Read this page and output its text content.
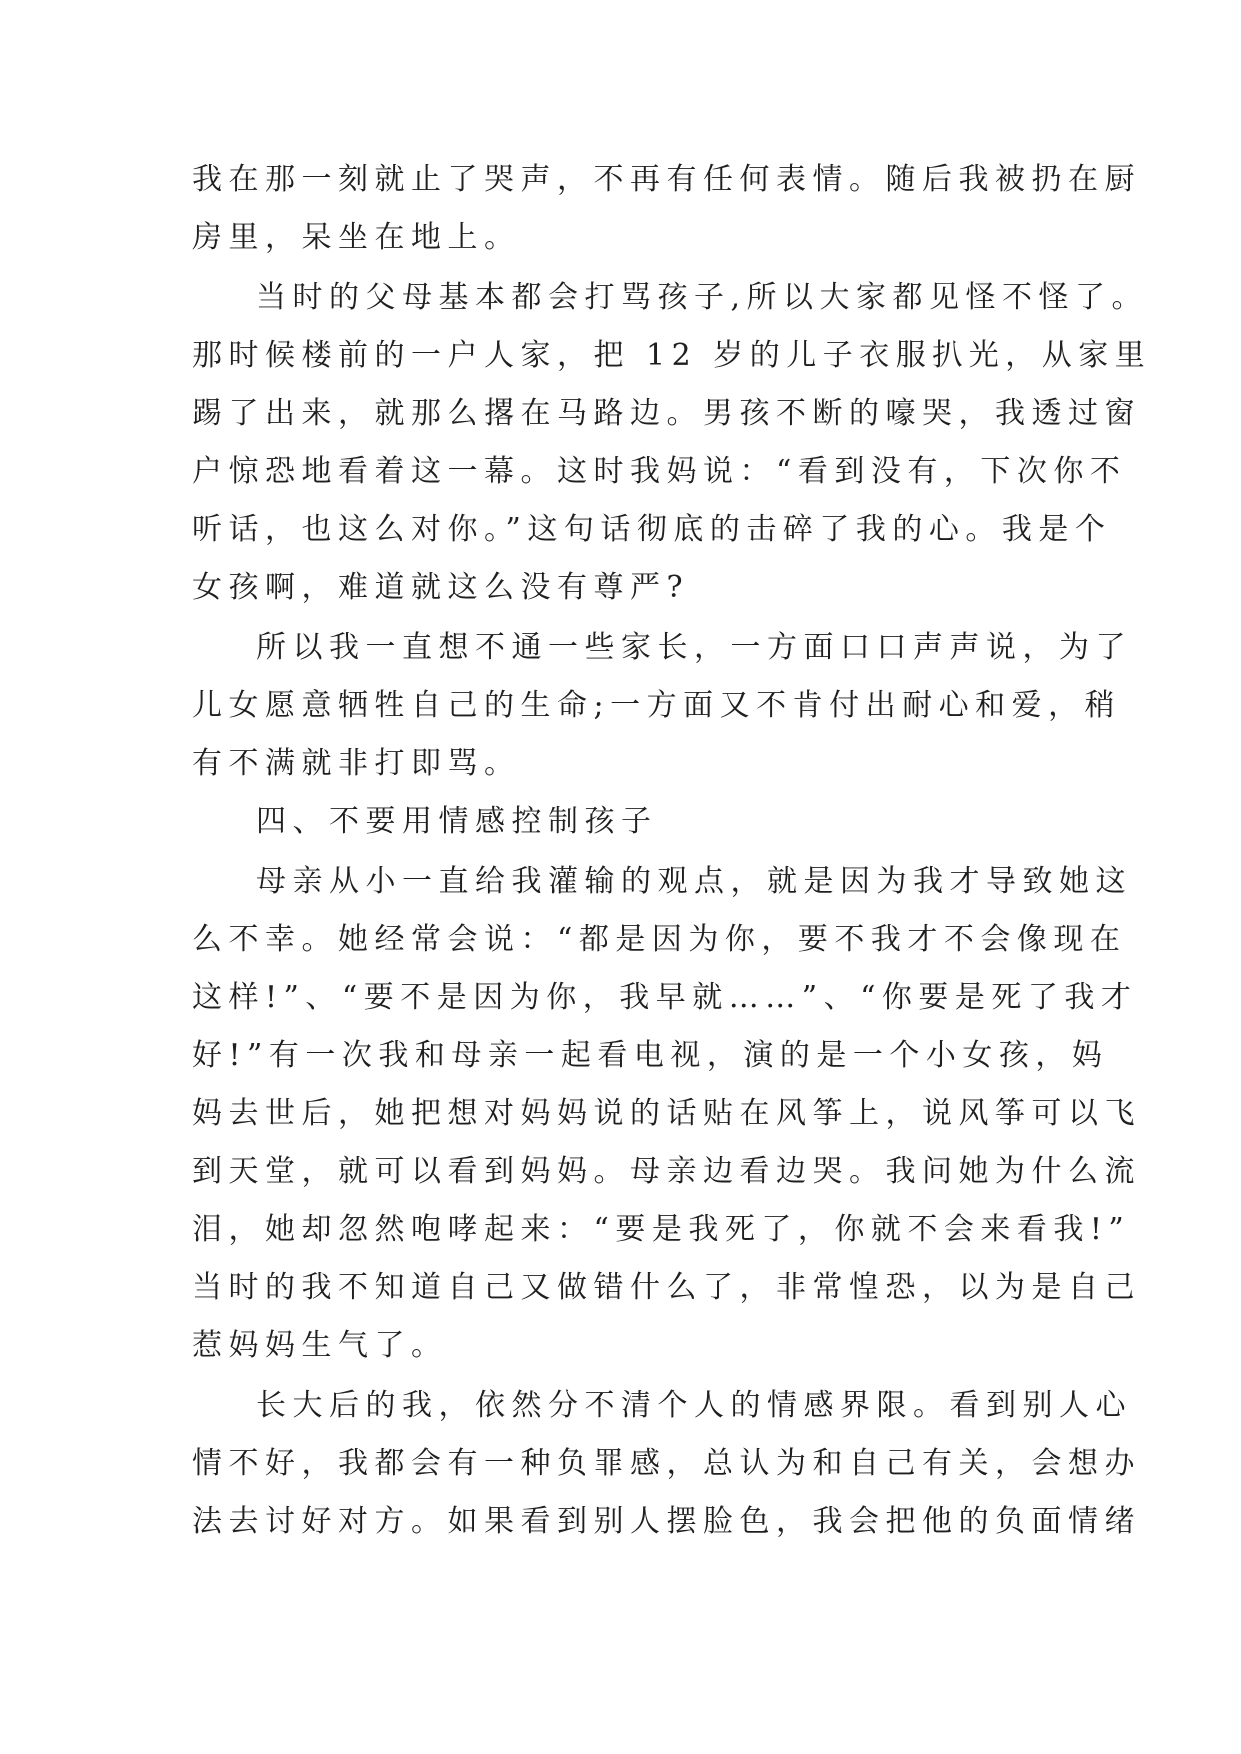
我在那一刻就止了哭声，不再有任何表情。随后我被扔在厨
房里，呆坐在地上。
当时的父母基本都会打骂孩子,所以大家都见怪不怪了。
那时候楼前的一户人家，把 12 岁的儿子衣服扒光，从家里
踢了出来，就那么撂在马路边。男孩不断的嚎哭，我透过窗
户惊恐地看着这一幕。这时我妈说：“看到没有，下次你不
听话，也这么对你。”这句话彻底的击碎了我的心。我是个
女孩啊，难道就这么没有尊严?
所以我一直想不通一些家长，一方面口口声声说，为了
儿女愿意牺牲自己的生命;一方面又不肯付出耐心和爱，稍
有不满就非打即骂。
四、不要用情感控制孩子
母亲从小一直给我灌输的观点，就是因为我才导致她这
么不幸。她经常会说：“都是因为你，要不我才不会像现在
这样!”、“要不是因为你，我早就……”、“你要是死了我才
好!”有一次我和母亲一起看电视，演的是一个小女孩，妈
妈去世后，她把想对妈妈说的话贴在风筝上，说风筝可以飞
到天堂，就可以看到妈妈。母亲边看边哭。我问她为什么流
泪，她却忽然咆哮起来：“要是我死了，你就不会来看我!”
当时的我不知道自己又做错什么了，非常惶恐，以为是自己
惹妈妈生气了。
长大后的我，依然分不清个人的情感界限。看到别人心
情不好，我都会有一种负罪感，总认为和自己有关，会想办
法去讨好对方。如果看到别人摆脸色，我会把他的负面情绪
